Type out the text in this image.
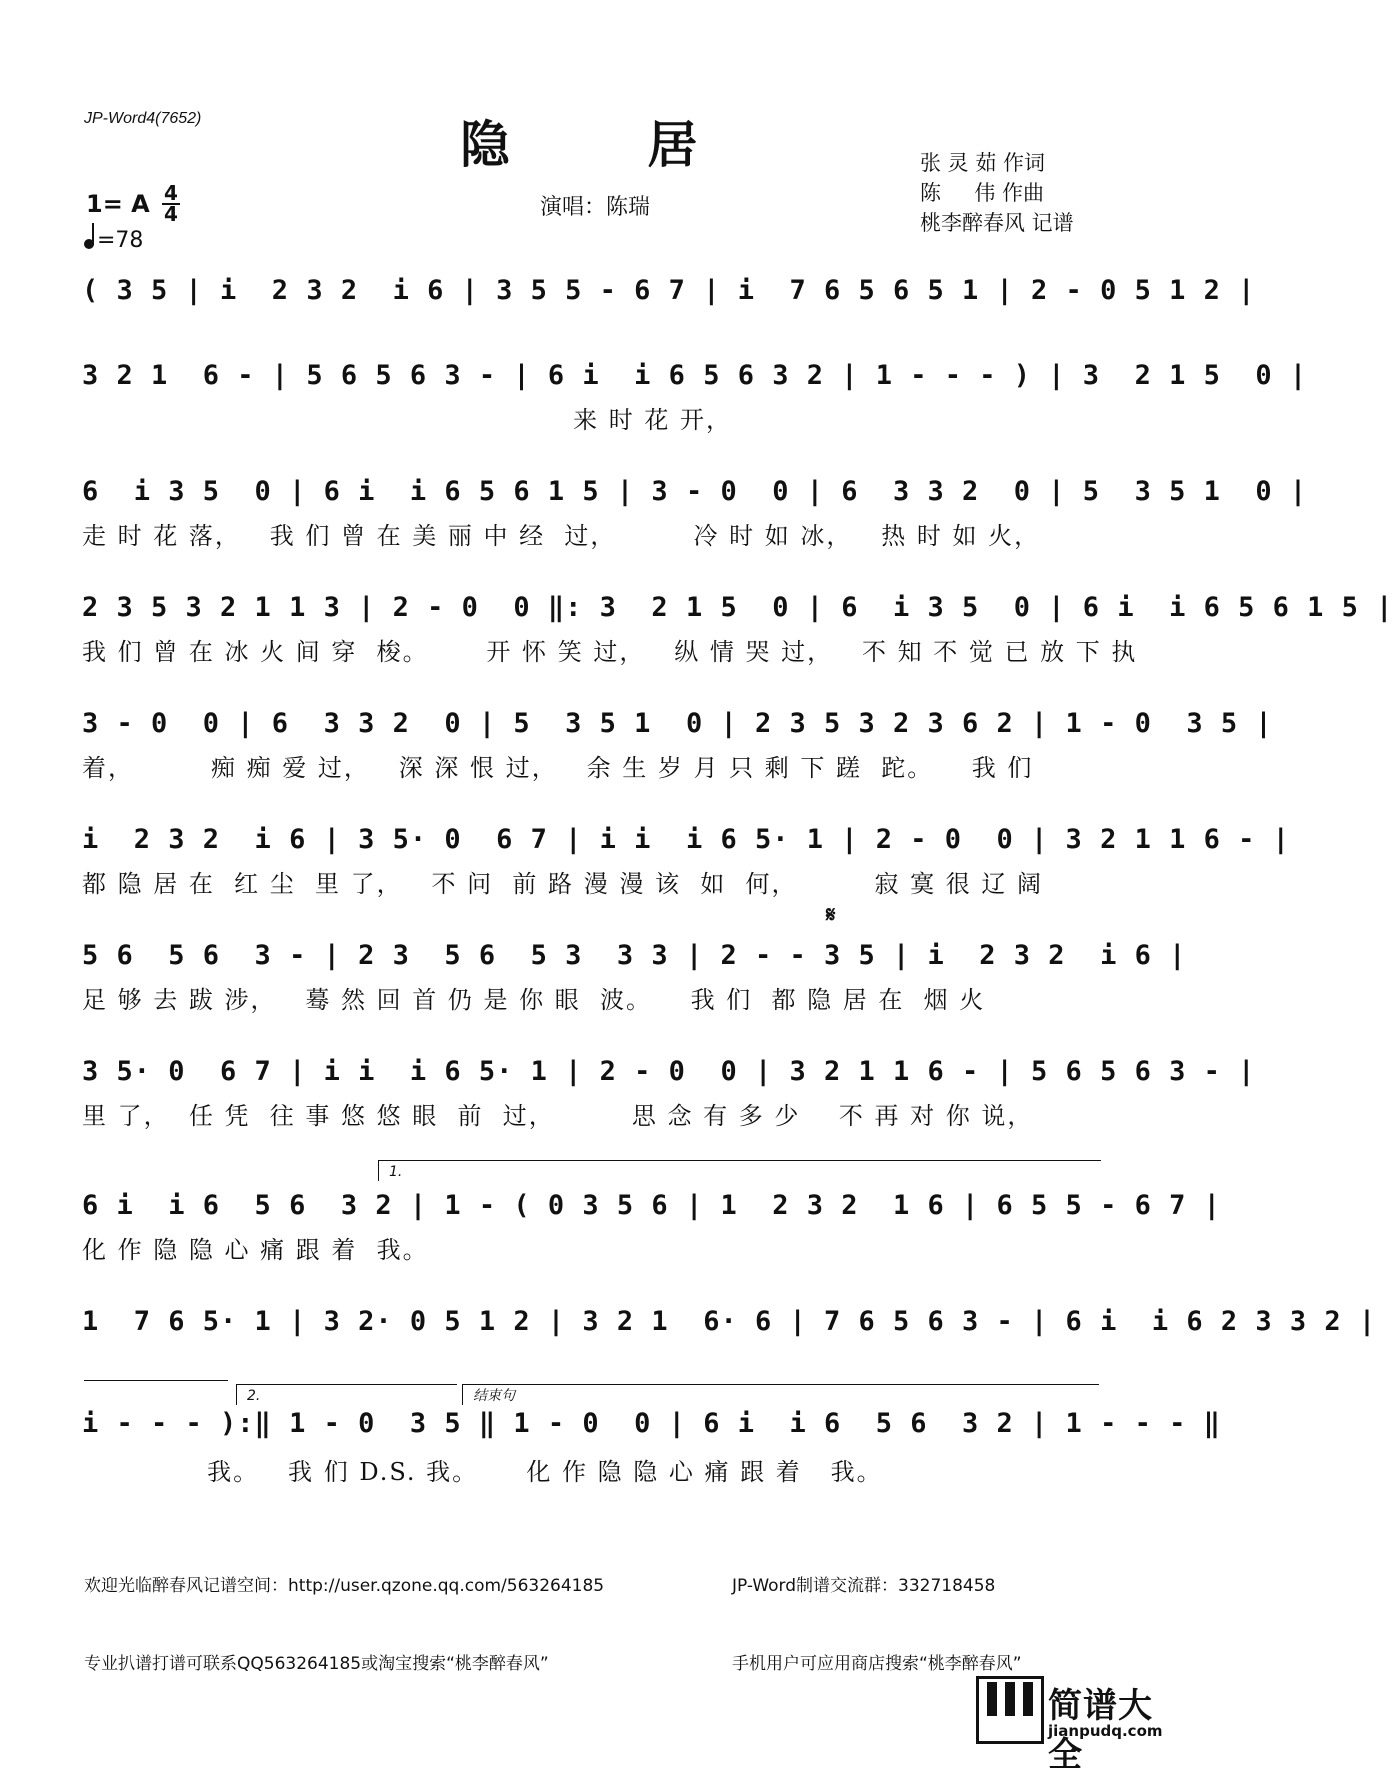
JP-Word4(7652)	隐 居
演唱：陈瑞
张 灵 茹 作词
陈     伟 作曲
桃李醉春风 记谱
1= A 4
4
=78
( 3 5 | i  2 3 2  i 6 | 3 5 5 - 6 7 | i  7 6 5 6 5 1 | 2 - 0 5 1 2 |
3 2 1  6 - | 5 6 5 6 3 - | 6 i  i 6 5 6 3 2 | 1 - - - ) | 3  2 1 5  0 |
来 时 花 开，
6  i 3 5  0 | 6 i  i 6 5 6 1 5 | 3 - 0  0 | 6  3 3 2  0 | 5  3 5 1  0 |
走 时 花 落，   我 们 曾 在 美 丽 中 经  过，        冷 时 如 冰，   热 时 如 火，
2 3 5 3 2 1 1 3 | 2 - 0  0 ‖: 3  2 1 5  0 | 6  i 3 5  0 | 6 i  i 6 5 6 1 5 |
我 们 曾 在 冰 火 间 穿  梭。      开 怀 笑 过，   纵 情 哭 过，   不 知 不 觉 已 放 下 执
3 - 0  0 | 6  3 3 2  0 | 5  3 5 1  0 | 2 3 5 3 2 3 6 2 | 1 - 0  3 5 |
着，        痴 痴 爱 过，   深 深 恨 过，   余 生 岁 月 只 剩 下 蹉  跎。    我 们
i  2 3 2  i 6 | 3 5· 0  6 7 | i i  i 6 5· 1 | 2 - 0  0 | 3 2 1 1 6 - |
都 隐 居 在  红 尘  里 了，   不 问  前 路 漫 漫 该  如  何，        寂 寞 很 辽 阔
𝄋
5 6  5 6  3 - | 2 3  5 6  5 3  3 3 | 2 - - 3 5 | i  2 3 2  i 6 |
足 够 去 跋 涉，   蓦 然 回 首 仍 是 你 眼  波。    我 们  都 隐 居 在  烟 火
3 5· 0  6 7 | i i  i 6 5· 1 | 2 - 0  0 | 3 2 1 1 6 - | 5 6 5 6 3 - |
里 了，  任 凭  往 事 悠 悠 眼  前  过，        思 念 有 多 少    不 再 对 你 说，
1.
6 i  i 6  5 6  3 2 | 1 - ( 0 3 5 6 | 1  2 3 2  1 6 | 6 5 5 - 6 7 |
化 作 隐 隐 心 痛 跟 着  我。
1  7 6 5· 1 | 3 2· 0 5 1 2 | 3 2 1  6· 6 | 7 6 5 6 3 - | 6 i  i 6 2 3 3 2 |
2.	结束句
i - - - ):‖ 1 - 0  3 5 ‖ 1 - 0  0 | 6 i  i 6  5 6  3 2 | 1 - - - ‖
我。   我 们 D.S. 我。     化 作 隐 隐 心 痛 跟 着   我。

欢迎光临醉春风记谱空间：http://user.qzone.qq.com/563264185

专业扒谱打谱可联系QQ563264185或淘宝搜索“桃李醉春风”

JP-Word制谱交流群：332718458

手机用户可应用商店搜索“桃李醉春风”

简谱大全
jianpudq.com
